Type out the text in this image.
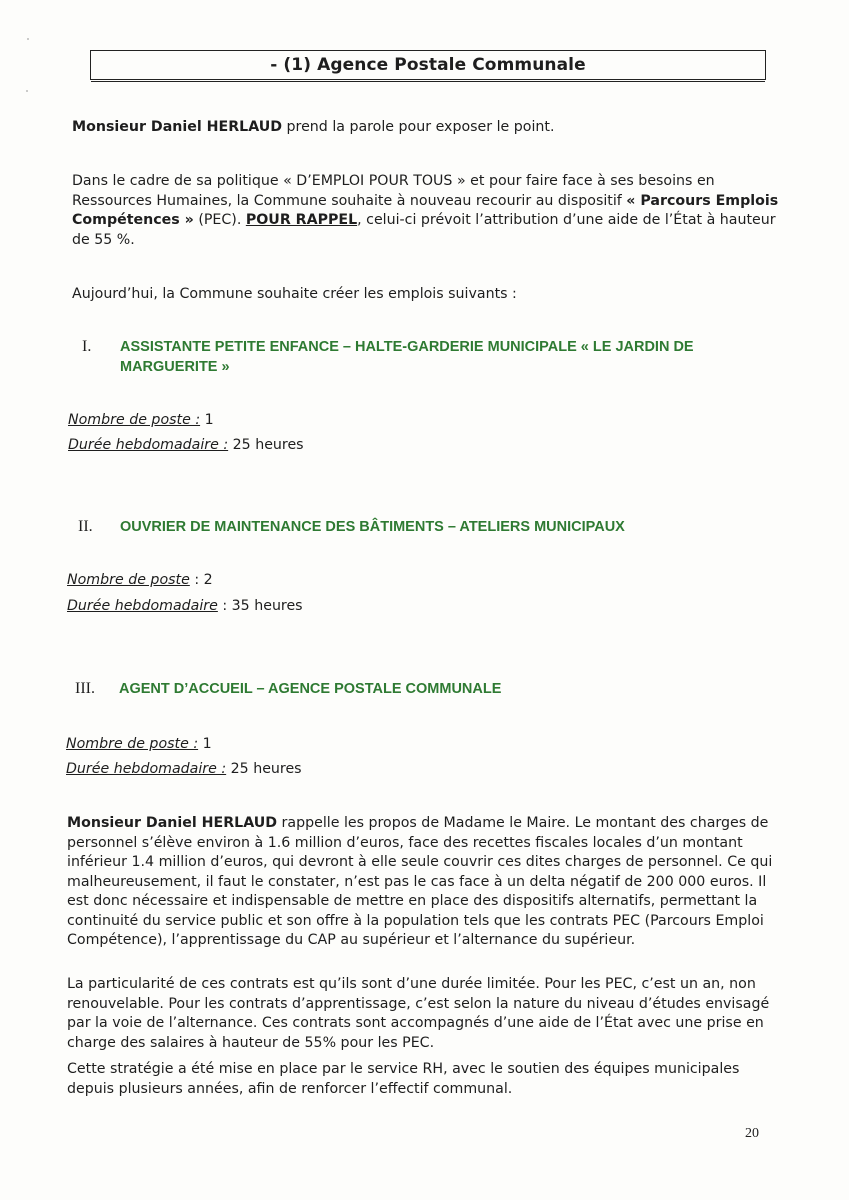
- (1) Agence Postale Communale
Monsieur Daniel HERLAUD prend la parole pour exposer le point.
Dans le cadre de sa politique « D’EMPLOI POUR TOUS » et pour faire face à ses besoins en Ressources Humaines, la Commune souhaite à nouveau recourir au dispositif « Parcours Emplois Compétences » (PEC). POUR RAPPEL, celui-ci prévoit l’attribution d’une aide de l’État à hauteur de 55 %.
Aujourd’hui, la Commune souhaite créer les emplois suivants :
I. ASSISTANTE PETITE ENFANCE – HALTE-GARDERIE MUNICIPALE « LE JARDIN DE MARGUERITE »
Nombre de poste : 1
Durée hebdomadaire : 25 heures
II. OUVRIER DE MAINTENANCE DES BÂTIMENTS – ATELIERS MUNICIPAUX
Nombre de poste : 2
Durée hebdomadaire : 35 heures
III. AGENT D’ACCUEIL – AGENCE POSTALE COMMUNALE
Nombre de poste : 1
Durée hebdomadaire : 25 heures
Monsieur Daniel HERLAUD rappelle les propos de Madame le Maire. Le montant des charges de personnel s’élève environ à 1.6 million d’euros, face des recettes fiscales locales d’un montant inférieur 1.4 million d’euros, qui devront à elle seule couvrir ces dites charges de personnel. Ce qui malheureusement, il faut le constater, n’est pas le cas face à un delta négatif de 200 000 euros. Il est donc nécessaire et indispensable de mettre en place des dispositifs alternatifs, permettant la continuité du service public et son offre à la population tels que les contrats PEC (Parcours Emploi Compétence), l’apprentissage du CAP au supérieur et l’alternance du supérieur.
La particularité de ces contrats est qu’ils sont d’une durée limitée. Pour les PEC, c’est un an, non renouvelable. Pour les contrats d’apprentissage, c’est selon la nature du niveau d’études envisagé par la voie de l’alternance. Ces contrats sont accompagnés d’une aide de l’État avec une prise en charge des salaires à hauteur de 55% pour les PEC.
Cette stratégie a été mise en place par le service RH, avec le soutien des équipes municipales depuis plusieurs années, afin de renforcer l’effectif communal.
20
